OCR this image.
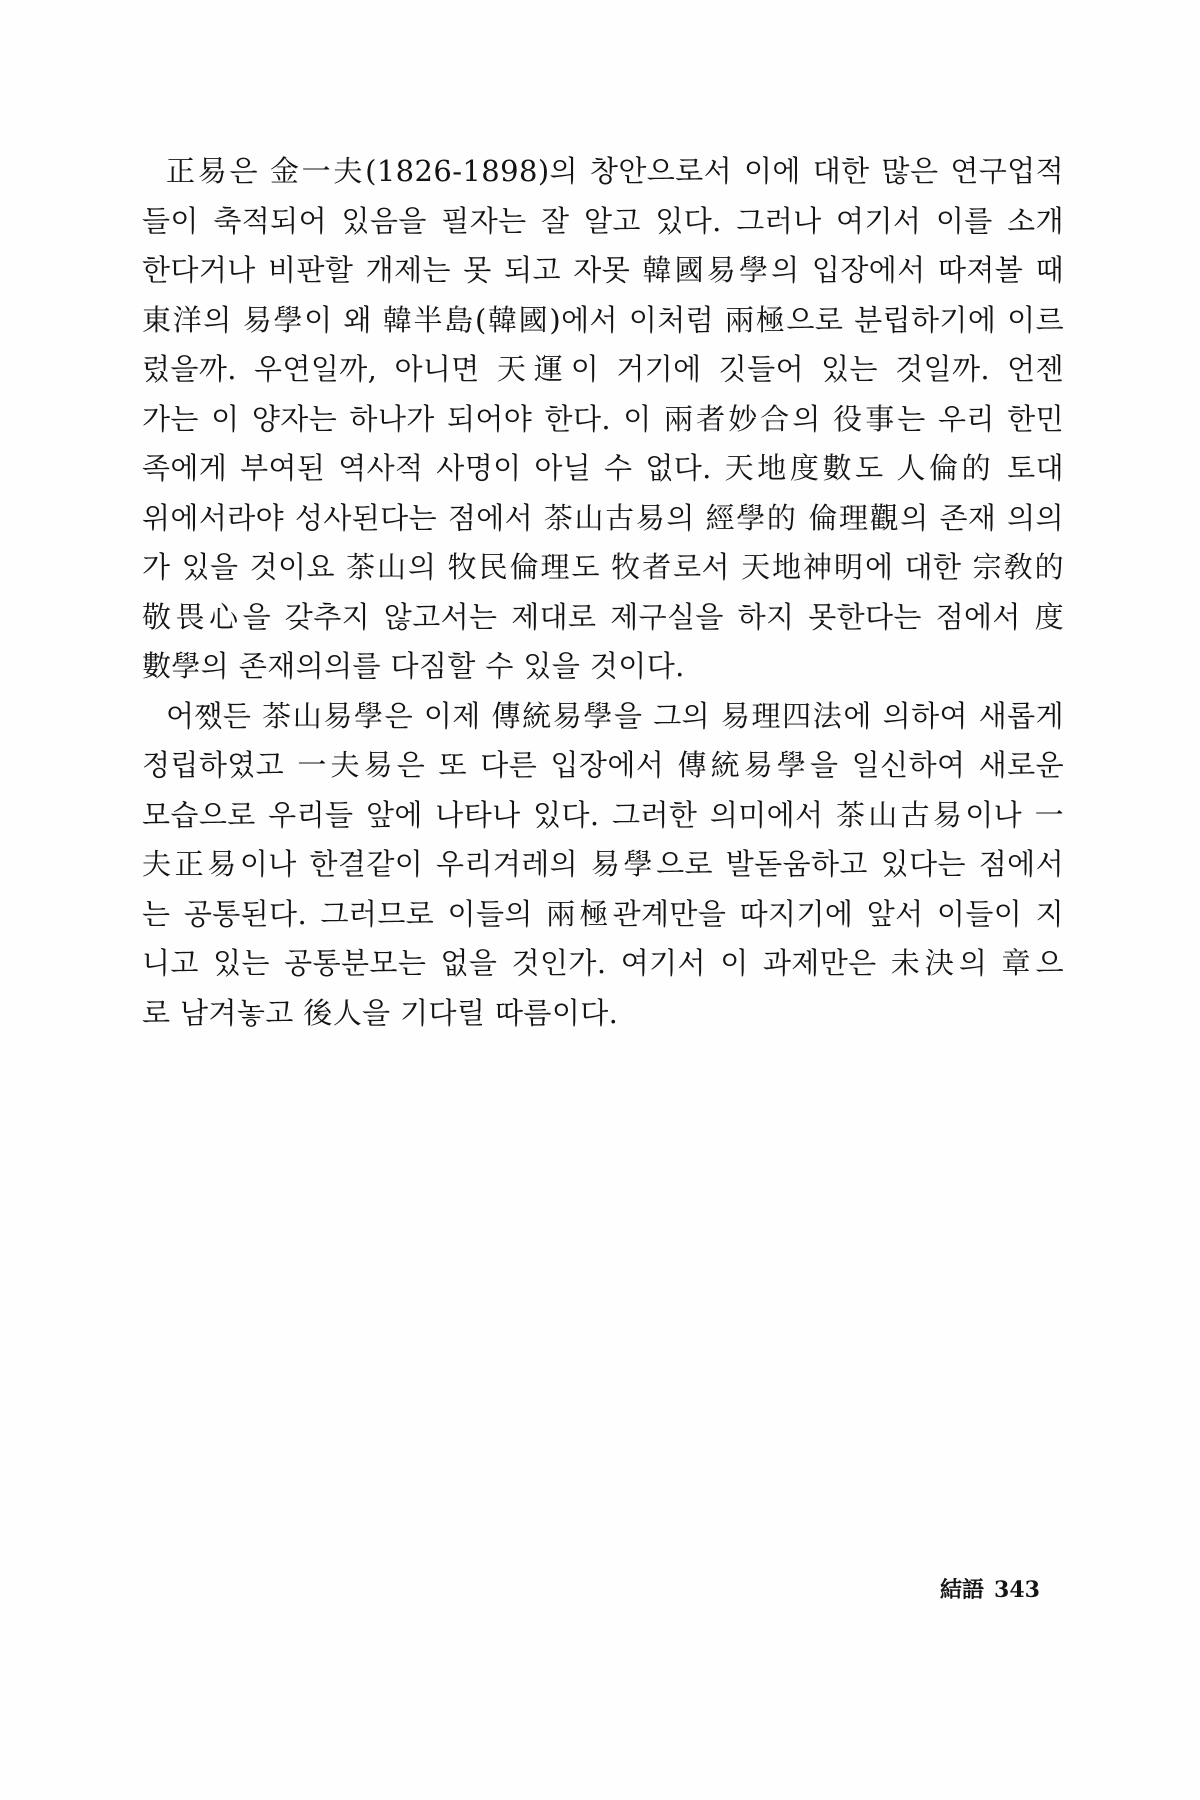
正易은 金一夫(1826-1898)의 창안으로서 이에 대한 많은 연구업적
들이 축적되어 있음을 필자는 잘 알고 있다. 그러나 여기서 이를 소개
한다거나 비판할 개제는 못 되고 자못 韓國易學의 입장에서 따져볼 때
東洋의 易學이 왜 韓半島(韓國)에서 이처럼 兩極으로 분립하기에 이르
렀을까. 우연일까, 아니면 天運이 거기에 깃들어 있는 것일까. 언젠
가는 이 양자는 하나가 되어야 한다. 이 兩者妙合의 役事는 우리 한민
족에게 부여된 역사적 사명이 아닐 수 없다. 天地度數도 人倫的 토대
위에서라야 성사된다는 점에서 茶山古易의 經學的 倫理觀의 존재 의의
가 있을 것이요 茶山의 牧民倫理도 牧者로서 天地神明에 대한 宗敎的
敬畏心을 갖추지 않고서는 제대로 제구실을 하지 못한다는 점에서 度
數學의 존재의의를 다짐할 수 있을 것이다.
어쨌든 茶山易學은 이제 傳統易學을 그의 易理四法에 의하여 새롭게
정립하였고 一夫易은 또 다른 입장에서 傳統易學을 일신하여 새로운
모습으로 우리들 앞에 나타나 있다. 그러한 의미에서 茶山古易이나 一
夫正易이나 한결같이 우리겨레의 易學으로 발돋움하고 있다는 점에서
는 공통된다. 그러므로 이들의 兩極관계만을 따지기에 앞서 이들이 지
니고 있는 공통분모는 없을 것인가. 여기서 이 과제만은 未決의 章으
로 남겨놓고 後人을 기다릴 따름이다.
結語 343
